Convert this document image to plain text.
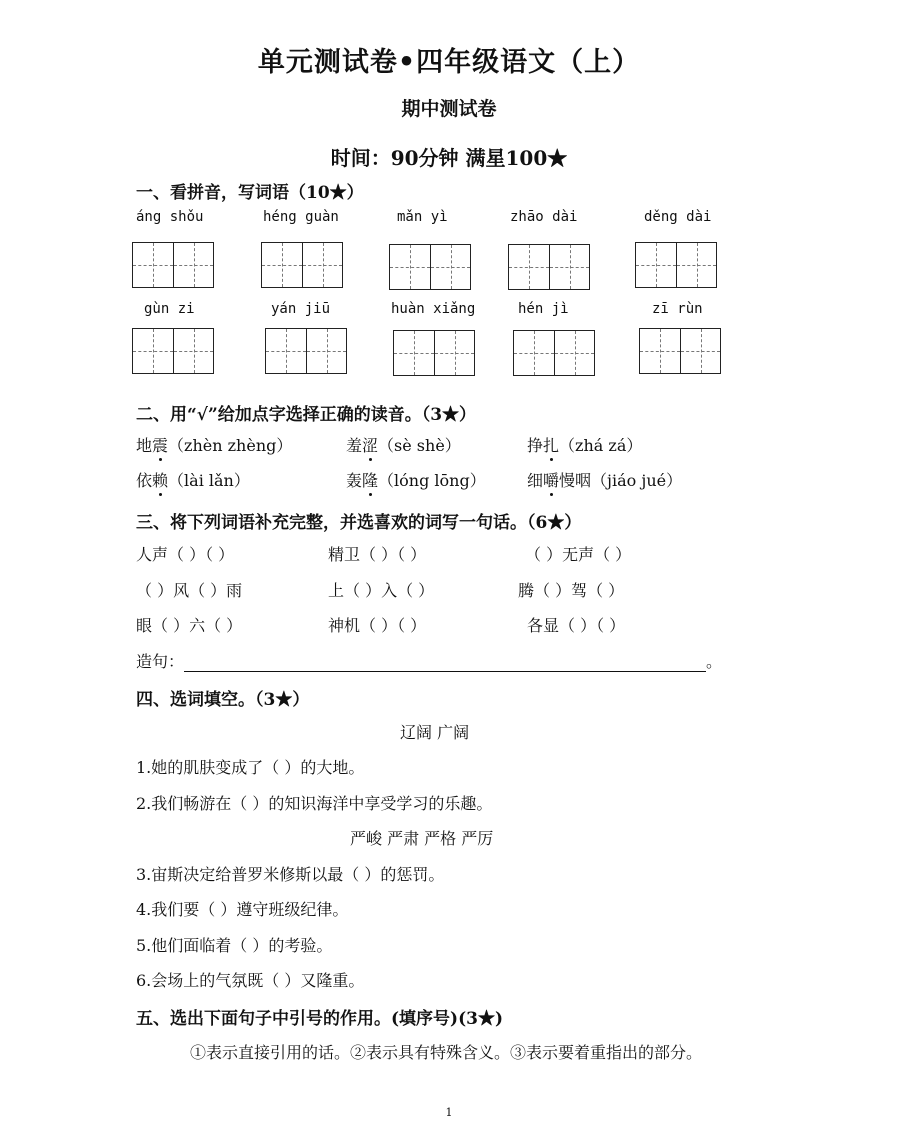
单元测试卷•四年级语文（上）
期中测试卷
时间：90分钟 满星100★
一、看拼音，写词语（10★）
áng shǒu	héng guàn	mǎn yì	zhāo dài	děng dài
gùn zi	yán jiū	huàn xiǎng	hén jì	zī rùn
二、用“√”给加点字选择正确的读音。（3★）
地震（zhèn zhèng）	羞涩（sè shè）	挣扎（zhá zá）
依赖（lài lǎn）	轰隆（lóng lōng）	细嚼慢咽（jiáo jué）
三、将下列词语补充完整，并选喜欢的词写一句话。（6★）
人声（ ）（ ）	精卫（ ）（ ）	（ ）无声（ ）
（ ）风（ ）雨	上（ ）入（ ）	腾（ ）驾（ ）
眼（ ）六（ ）	神机（ ）（ ）	各显（ ）（ ）
造句：	。
四、选词填空。（3★）
辽阔 广阔
1.她的肌肤变成了（ ）的大地。
2.我们畅游在（ ）的知识海洋中享受学习的乐趣。
严峻 严肃 严格 严厉
3.宙斯决定给普罗米修斯以最（ ）的惩罚。
4.我们要（ ）遵守班级纪律。
5.他们面临着（ ）的考验。
6.会场上的气氛既（ ）又隆重。
五、选出下面句子中引号的作用。(填序号)(3★)
①表示直接引用的话。②表示具有特殊含义。③表示要着重指出的部分。
1
